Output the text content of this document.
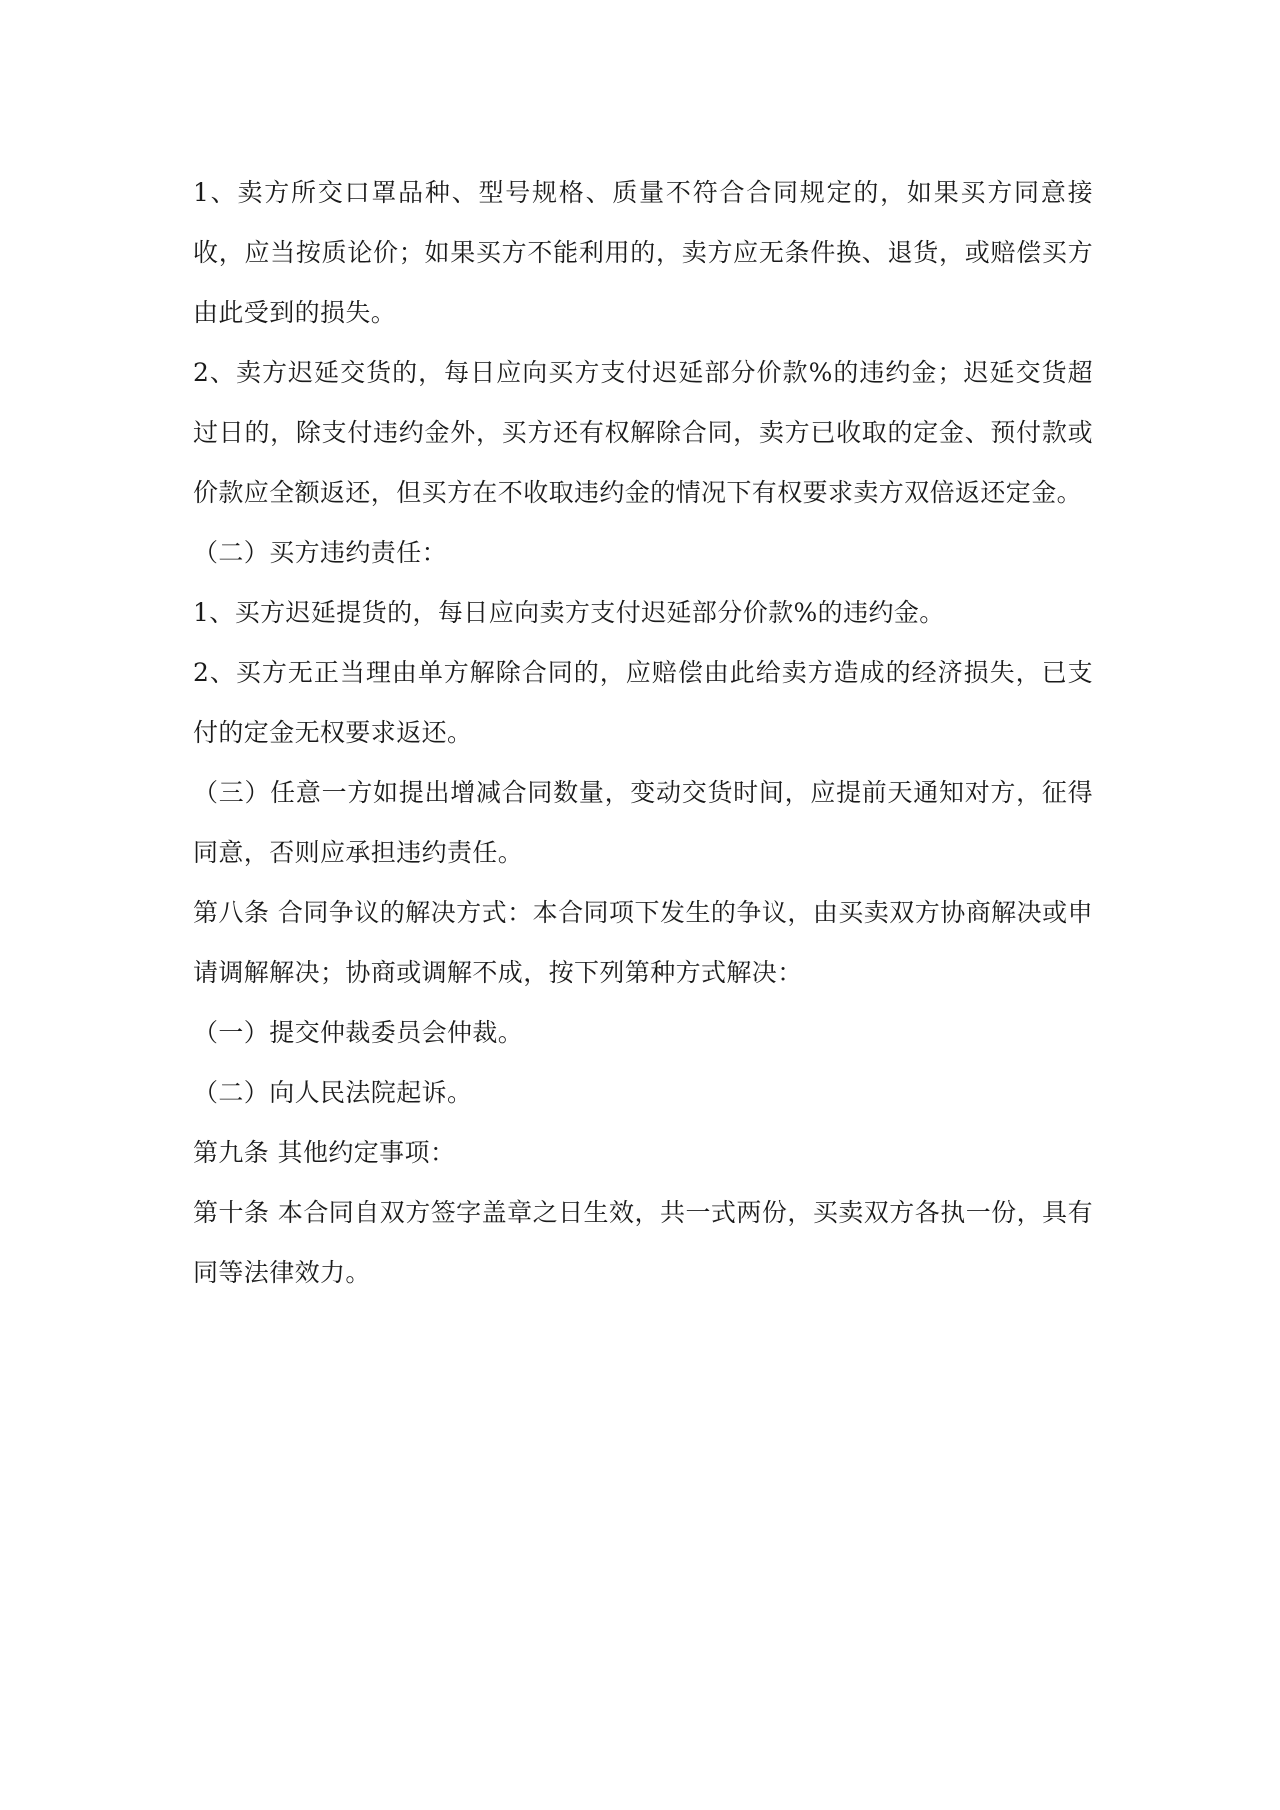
1、卖方所交口罩品种、型号规格、质量不符合合同规定的，如果买方同意接收，应当按质论价；如果买方不能利用的，卖方应无条件换、退货，或赔偿买方由此受到的损失。

2、卖方迟延交货的，每日应向买方支付迟延部分价款%的违约金；迟延交货超过日的，除支付违约金外，买方还有权解除合同，卖方已收取的定金、预付款或价款应全额返还，但买方在不收取违约金的情况下有权要求卖方双倍返还定金。

（二）买方违约责任：

1、买方迟延提货的，每日应向卖方支付迟延部分价款%的违约金。

2、买方无正当理由单方解除合同的，应赔偿由此给卖方造成的经济损失，已支付的定金无权要求返还。

（三）任意一方如提出增减合同数量，变动交货时间，应提前天通知对方，征得同意，否则应承担违约责任。

第八条 合同争议的解决方式：本合同项下发生的争议，由买卖双方协商解决或申请调解解决；协商或调解不成，按下列第种方式解决：

（一）提交仲裁委员会仲裁。

（二）向人民法院起诉。

第九条 其他约定事项：

第十条 本合同自双方签字盖章之日生效，共一式两份，买卖双方各执一份，具有同等法律效力。
